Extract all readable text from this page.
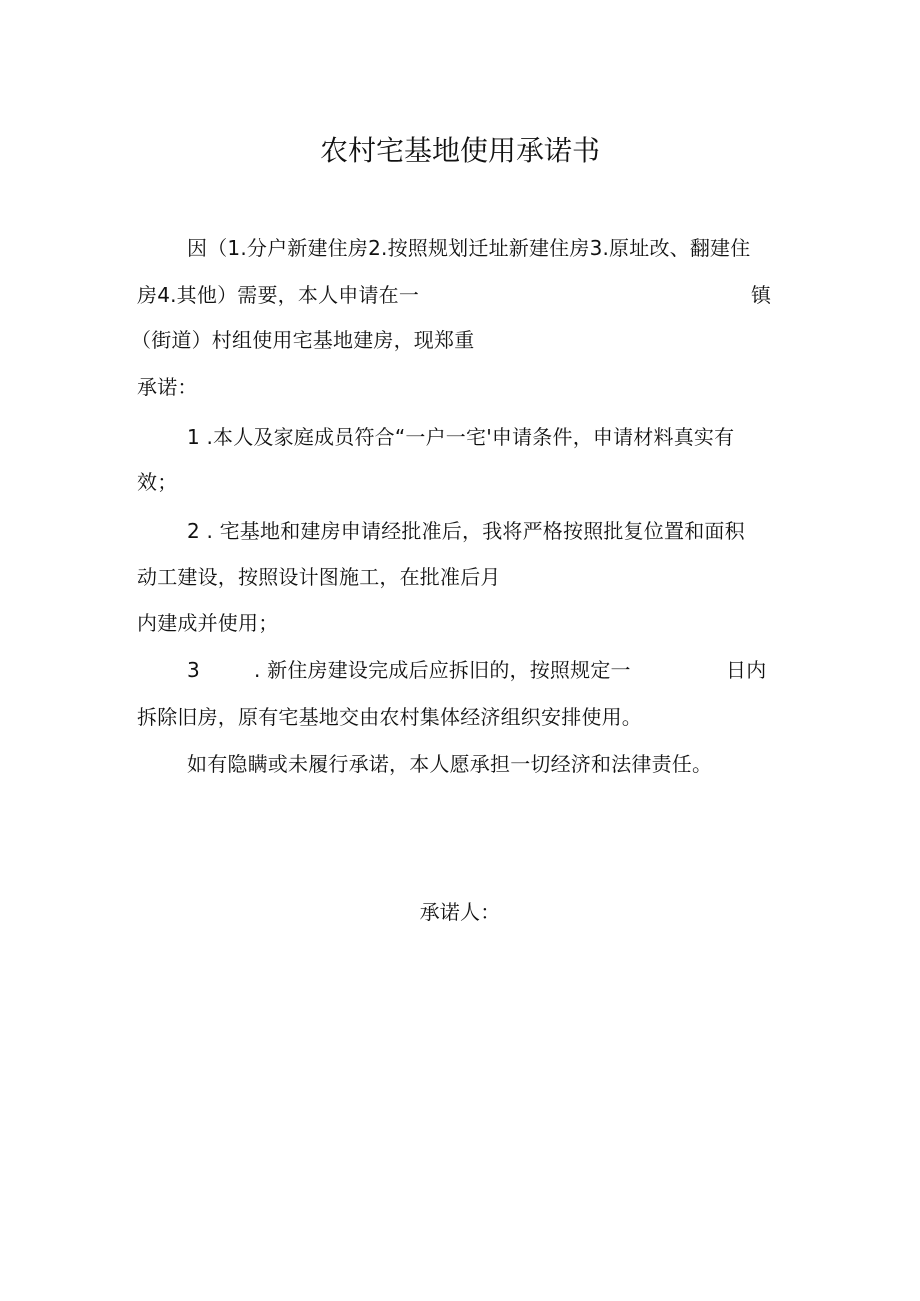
农村宅基地使用承诺书
因（1.分户新建住房2.按照规划迁址新建住房3.原址改、翻建住
房4.其他）需要，本人申请在一	镇
（街道）村组使用宅基地建房，现郑重
承诺：
1 .本人及家庭成员符合“一户一宅'申请条件，申请材料真实有
效；
2 . 宅基地和建房申请经批准后，我将严格按照批复位置和面积
动工建设，按照设计图施工，在批准后月
内建成并使用；
3	. 新住房建设完成后应拆旧的，按照规定一	日内
拆除旧房，原有宅基地交由农村集体经济组织安排使用。
如有隐瞒或未履行承诺，本人愿承担一切经济和法律责任。
承诺人：
